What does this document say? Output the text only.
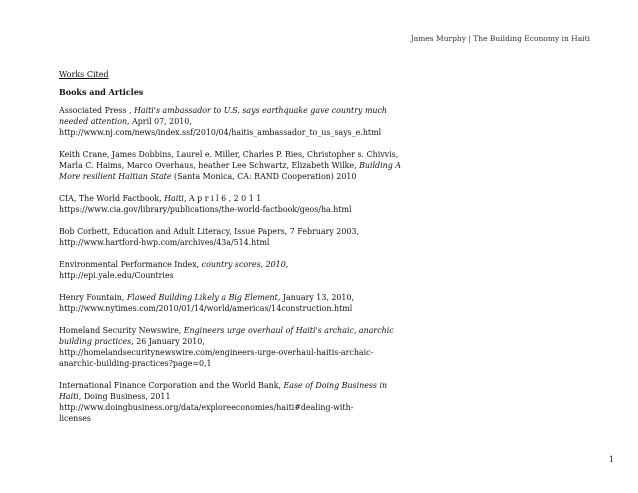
James Murphy | The Building Economy in Haiti
Works Cited
Books and Articles
Associated Press , Haiti's ambassador to U.S. says earthquake gave country much
needed attention, April 07, 2010,
http://www.nj.com/news/index.ssf/2010/04/haitis_ambassador_to_us_says_e.html
Keith Crane, James Dobbins, Laurel e. Miller, Charles P. Ries, Christopher s. Chivvis,
Marla C. Haims, Marco Overhaus, heather Lee Schwartz, Elizabeth Wilke, Building A
More resilient Haitian State (Santa Monica, CA: RAND Cooperation) 2010
CIA, The World Factbook, Haiti, A p r i l 6 , 2 0 1 1
https://www.cia.gov/library/publications/the-world-factbook/geos/ha.html
Bob Corbett, Education and Adult Literacy, Issue Papers, 7 February 2003,
http://www.hartford-hwp.com/archives/43a/514.html
Environmental Performance Index, country scores, 2010,
http://epi.yale.edu/Countries
Henry Fountain, Flawed Building Likely a Big Element, January 13, 2010,
http://www.nytimes.com/2010/01/14/world/americas/14construction.html
Homeland Security Newswire, Engineers urge overhaul of Haiti's archaic, anarchic
building practices, 26 January 2010,
http://homelandsecuritynewswire.com/engineers-urge-overhaul-haitis-archaic-
anarchic-building-practices?page=0,1
International Finance Corporation and the World Bank, Ease of Doing Business in
Haiti, Doing Business, 2011
http://www.doingbusiness.org/data/exploreeconomies/haiti#dealing-with-
licenses
1
